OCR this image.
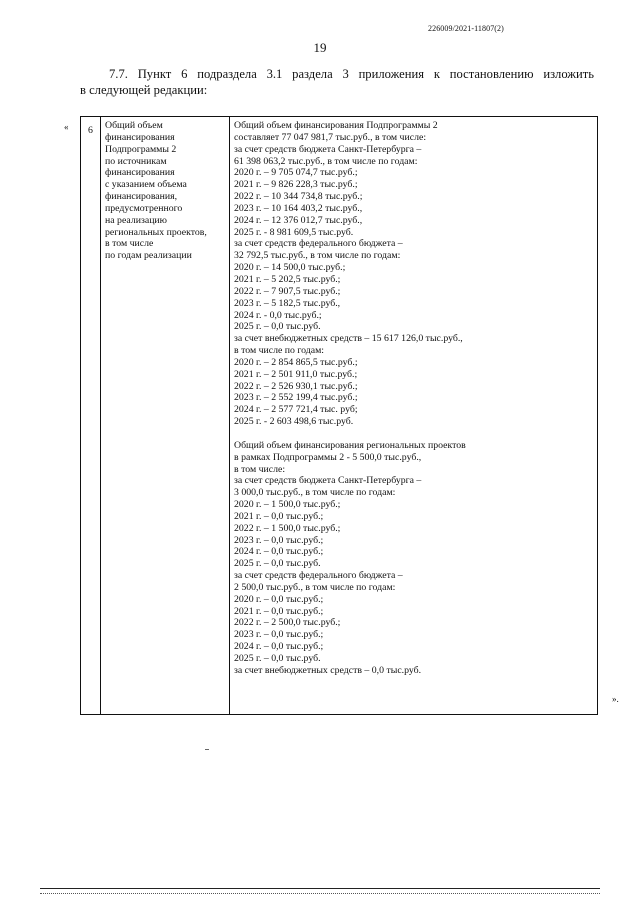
226009/2021-11807(2)
19
7.7. Пункт 6 подраздела 3.1 раздела 3 приложения к постановлению изложить
в следующей редакции:
«	6	Общий объем
финансирования
Подпрограммы 2
по источникам
финансирования
с указанием объема
финансирования,
предусмотренного
на реализацию
региональных проектов,
в том числе
по годам реализации
Общий объем финансирования Подпрограммы 2
составляет 77 047 981,7 тыс.руб., в том числе:
за счет средств бюджета Санкт-Петербурга –
61 398 063,2 тыс.руб., в том числе по годам:
2020 г. – 9 705 074,7 тыс.руб.;
2021 г. – 9 826 228,3 тыс.руб.;
2022 г. – 10 344 734,8 тыс.руб.;
2023 г. – 10 164 403,2 тыс.руб.,
2024 г. – 12 376 012,7 тыс.руб.,
2025 г. - 8 981 609,5 тыс.руб.
за счет средств федерального бюджета –
32 792,5 тыс.руб., в том числе по годам:
2020 г. – 14 500,0 тыс.руб.;
2021 г. – 5 202,5 тыс.руб.;
2022 г. – 7 907,5 тыс.руб.;
2023 г. – 5 182,5 тыс.руб.,
2024 г. - 0,0 тыс.руб.;
2025 г. – 0,0 тыс.руб.
за счет внебюджетных средств – 15 617 126,0 тыс.руб.,
в том числе по годам:
2020 г. – 2 854 865,5 тыс.руб.;
2021 г. – 2 501 911,0 тыс.руб.;
2022 г. – 2 526 930,1 тыс.руб.;
2023 г. – 2 552 199,4 тыс.руб.;
2024 г. – 2 577 721,4 тыс. руб;
2025 г. - 2 603 498,6 тыс.руб.
Общий объем финансирования региональных проектов
в рамках Подпрограммы 2 - 5 500,0 тыс.руб.,
в том числе:
за счет средств бюджета Санкт-Петербурга –
3 000,0 тыс.руб., в том числе по годам:
2020 г. – 1 500,0 тыс.руб.;
2021 г. – 0,0 тыс.руб.;
2022 г. – 1 500,0 тыс.руб.;
2023 г. – 0,0 тыс.руб.;
2024 г. – 0,0 тыс.руб.;
2025 г. – 0,0 тыс.руб.
за счет средств федерального бюджета –
2 500,0 тыс.руб., в том числе по годам:
2020 г. – 0,0 тыс.руб.;
2021 г. – 0,0 тыс.руб.;
2022 г. – 2 500,0 тыс.руб.;
2023 г. – 0,0 тыс.руб.;
2024 г. – 0,0 тыс.руб.;
2025 г. – 0,0 тыс.руб.
за счет внебюджетных средств – 0,0 тыс.руб.
».
